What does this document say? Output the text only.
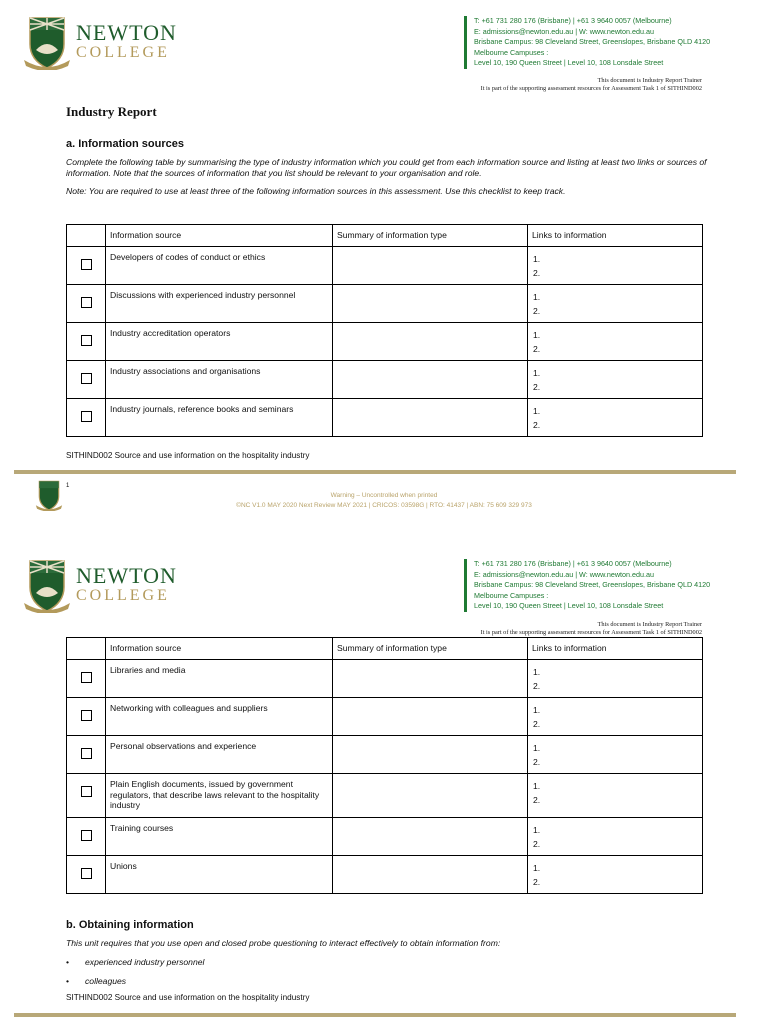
NEWTON
COLLEGE
T: +61 731 280 176 (Brisbane) | +61 3 9640 0057 (Melbourne)
E: admissions@newton.edu.au | W: www.newton.edu.au
Brisbane Campus: 98 Cleveland Street, Greenslopes, Brisbane QLD 4120
Melbourne Campuses :
Level 10, 190 Queen Street | Level 10, 108 Lonsdale Street
This document is Industry Report Trainer
It is part of the supporting assessment resources for Assessment Task 1 of SITHIND002
Industry Report
a. Information sources
Complete the following table by summarising the type of industry information which you could get from each information source and listing at least two links or sources of information. Note that the sources of information that you list should be relevant to your organisation and role.
Note: You are required to use at least three of the following information sources in this assessment. Use this checklist to keep track.
	Information source	Summary of information type	Links to information
	Developers of codes of conduct or ethics		1.
2.

	Discussions with experienced industry personnel		1.
2.

	Industry accreditation operators		1.
2.

	Industry associations and organisations		1.
2.

	Industry journals, reference books and seminars		1.
2.
SITHIND002 Source and use information on the hospitality industry
1
Warning – Uncontrolled when printed
©NC V1.0 MAY 2020 Next Review MAY 2021 | CRICOS: 03598G | RTO: 41437 | ABN: 75 609 329 973
NEWTON
COLLEGE
T: +61 731 280 176 (Brisbane) | +61 3 9640 0057 (Melbourne)
E: admissions@newton.edu.au | W: www.newton.edu.au
Brisbane Campus: 98 Cleveland Street, Greenslopes, Brisbane QLD 4120
Melbourne Campuses :
Level 10, 190 Queen Street | Level 10, 108 Lonsdale Street
This document is Industry Report Trainer
It is part of the supporting assessment resources for Assessment Task 1 of SITHIND002
	Information source	Summary of information type	Links to information
	Libraries and media		1.
2.

	Networking with colleagues and suppliers		1.
2.

	Personal observations and experience		1.
2.

	Plain English documents, issued by government regulators, that describe laws relevant to the hospitality industry		1.
2.

	Training courses		1.
2.

	Unions		1.
2.
b. Obtaining information
This unit requires that you use open and closed probe questioning to interact effectively to obtain information from:
• experienced industry personnel
• colleagues
SITHIND002 Source and use information on the hospitality industry
